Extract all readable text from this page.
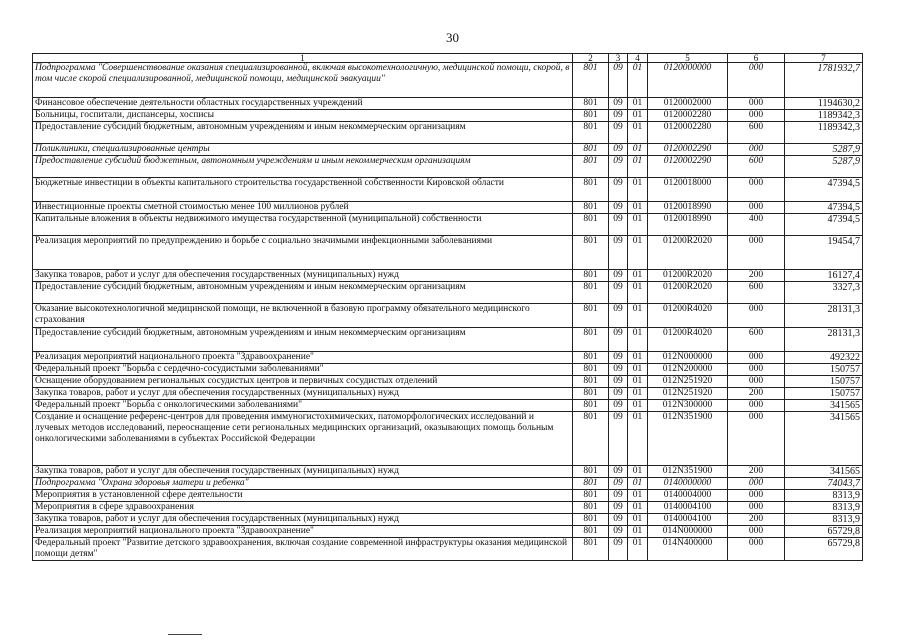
30
1	2	3	4	5	6	7
Подпрограмма "Совершенствование оказания специализированной, включая высокотехнологичную, медицинской помощи, скорой, в том числе скорой специализированной, медицинской помощи, медицинской эвакуации"	801	09	01	0120000000	000	1781932,7
Финансовое обеспечение деятельности областных государственных учреждений	801	09	01	0120002000	000	1194630,2
Больницы, госпитали, диспансеры, хосписы	801	09	01	0120002280	000	1189342,3
Предоставление субсидий бюджетным, автономным учреждениям и иным некоммерческим организациям	801	09	01	0120002280	600	1189342,3
Поликлиники, специализированные центры	801	09	01	0120002290	000	5287,9
Предоставление субсидий бюджетным, автономным учреждениям и иным некоммерческим организациям	801	09	01	0120002290	600	5287,9
Бюджетные инвестиции в объекты капитального строительства государственной собственности Кировской области	801	09	01	0120018000	000	47394,5
Инвестиционные проекты сметной стоимостью менее 100 миллионов рублей	801	09	01	0120018990	000	47394,5
Капитальные вложения в объекты недвижимого имущества государственной (муниципальной) собственности	801	09	01	0120018990	400	47394,5
Реализация мероприятий по предупреждению и борьбе с социально значимыми инфекционными заболеваниями	801	09	01	01200R2020	000	19454,7
Закупка товаров, работ и услуг для обеспечения государственных (муниципальных) нужд	801	09	01	01200R2020	200	16127,4
Предоставление субсидий бюджетным, автономным учреждениям и иным некоммерческим организациям	801	09	01	01200R2020	600	3327,3
Оказание высокотехнологичной медицинской помощи, не включенной в базовую программу обязательного медицинского страхования	801	09	01	01200R4020	000	28131,3
Предоставление субсидий бюджетным, автономным учреждениям и иным некоммерческим организациям	801	09	01	01200R4020	600	28131,3
Реализация мероприятий национального проекта "Здравоохранение"	801	09	01	012N000000	000	492322
Федеральный проект "Борьба с сердечно-сосудистыми заболеваниями"	801	09	01	012N200000	000	150757
Оснащение оборудованием региональных сосудистых центров и первичных сосудистых отделений	801	09	01	012N251920	000	150757
Закупка товаров, работ и услуг для обеспечения государственных (муниципальных) нужд	801	09	01	012N251920	200	150757
Федеральный проект "Борьба с онкологическими заболеваниями"	801	09	01	012N300000	000	341565
Создание и оснащение референс-центров для проведения иммуногистохимических, патоморфологических исследований и лучевых методов исследований, переоснащение сети региональных медицинских организаций, оказывающих помощь больным онкологическими заболеваниями в субъектах Российской Федерации	801	09	01	012N351900	000	341565
Закупка товаров, работ и услуг для обеспечения государственных (муниципальных) нужд	801	09	01	012N351900	200	341565
Подпрограмма "Охрана здоровья матери и ребенка"	801	09	01	0140000000	000	74043,7
Мероприятия в установленной сфере деятельности	801	09	01	0140004000	000	8313,9
Мероприятия в сфере здравоохранения	801	09	01	0140004100	000	8313,9
Закупка товаров, работ и услуг для обеспечения государственных (муниципальных) нужд	801	09	01	0140004100	200	8313,9
Реализация мероприятий национального проекта "Здравоохранение"	801	09	01	014N000000	000	65729,8
Федеральный проект "Развитие детского здравоохранения, включая создание современной инфраструктуры оказания медицинской помощи детям"	801	09	01	014N400000	000	65729,8
